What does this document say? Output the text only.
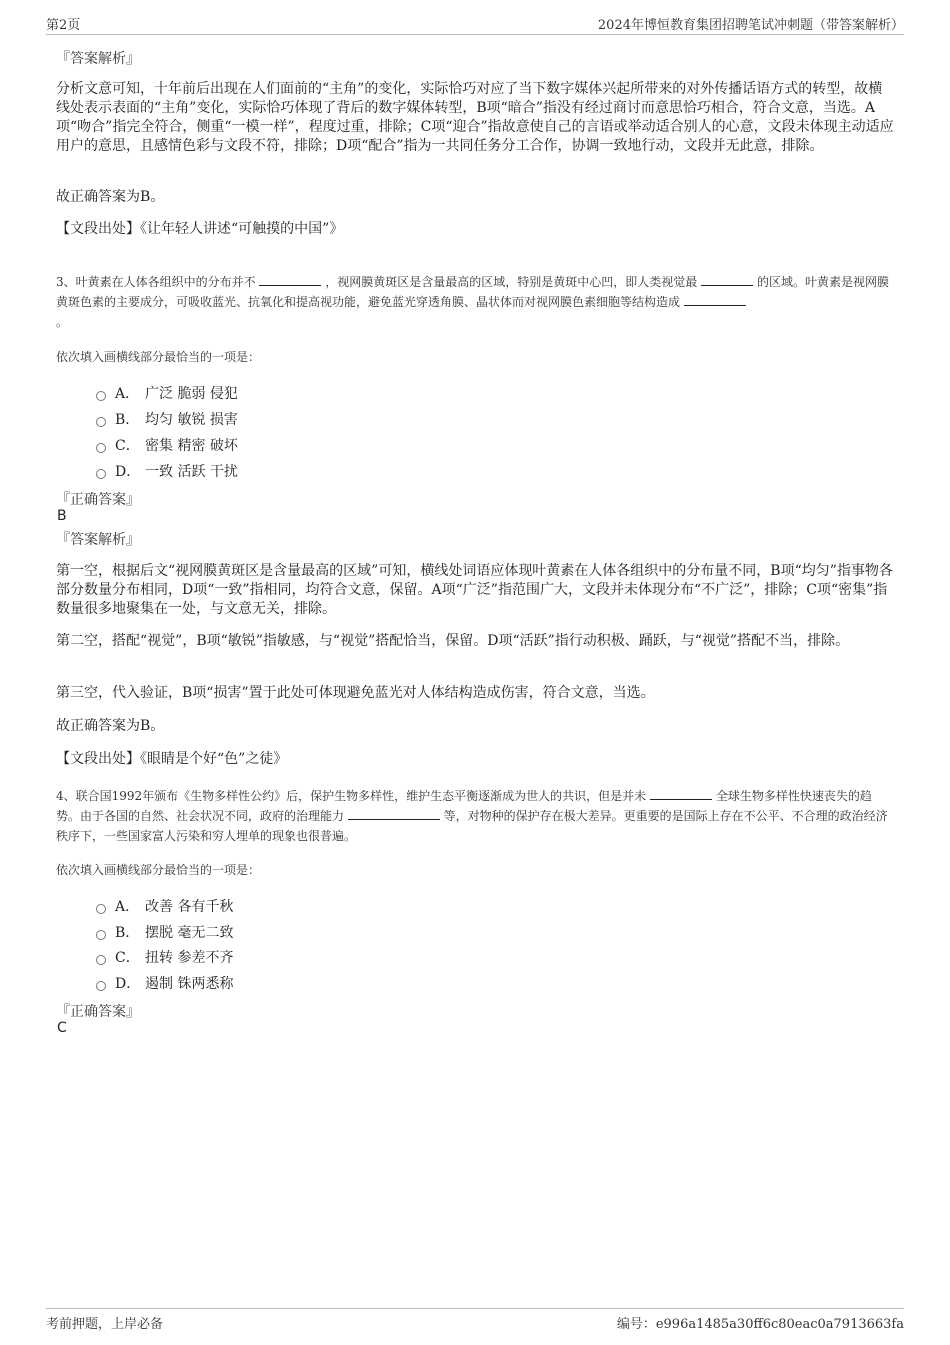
第2页	2024年博恒教育集团招聘笔试冲刺题（带答案解析）
『答案解析』

分析文意可知，十年前后出现在人们面前的“主角”的变化，实际恰巧对应了当下数字媒体兴起所带来的对外传播话语方式的转型，故横线处表示表面的“主角”变化，实际恰巧体现了背后的数字媒体转型，B项“暗合”指没有经过商讨而意思恰巧相合，符合文意，当选。A项“吻合”指完全符合，侧重“一模一样”，程度过重，排除；C项“迎合”指故意使自己的言语或举动适合别人的心意，文段未体现主动适应用户的意思，且感情色彩与文段不符，排除；D项“配合”指为一共同任务分工合作，协调一致地行动，文段并无此意，排除。

故正确答案为B。
【文段出处】《让年轻人讲述“可触摸的中国”》

3、叶黄素在人体各组织中的分布并不	，视网膜黄斑区是含量最高的区域，特别是黄斑中心凹，即人类视觉最	的区域。叶黄素是视网膜黄斑色素的主要成分，可吸收蓝光、抗氧化和提高视功能，避免蓝光穿透角膜、晶状体而对视网膜色素细胞等结构造成
。

依次填入画横线部分最恰当的一项是：
A． 广泛 脆弱 侵犯
B． 均匀 敏锐 损害
C． 密集 精密 破坏
D． 一致 活跃 干扰
『正确答案』
B
『答案解析』

第一空，根据后文“视网膜黄斑区是含量最高的区域”可知，横线处词语应体现叶黄素在人体各组织中的分布量不同，B项“均匀”指事物各部分数量分布相同，D项“一致”指相同，均符合文意，保留。A项“广泛”指范围广大，文段并未体现分布“不广泛”，排除；C项“密集”指数量很多地聚集在一处，与文意无关，排除。

第二空，搭配“视觉”，B项“敏锐”指敏感，与“视觉”搭配恰当，保留。D项“活跃”指行动积极、踊跃，与“视觉”搭配不当，排除。

第三空，代入验证，B项“损害”置于此处可体现避免蓝光对人体结构造成伤害，符合文意，当选。

故正确答案为B。
【文段出处】《眼睛是个好“色”之徒》

4、联合国1992年颁布《生物多样性公约》后，保护生物多样性，维护生态平衡逐渐成为世人的共识，但是并未	全球生物多样性快速丧失的趋势。由于各国的自然、社会状况不同，政府的治理能力	等，对物种的保护存在极大差异。更重要的是国际上存在不公平、不合理的政治经济秩序下，一些国家富人污染和穷人埋单的现象也很普遍。

依次填入画横线部分最恰当的一项是：
A． 改善 各有千秋
B． 摆脱 毫无二致
C． 扭转 参差不齐
D． 遏制 铢两悉称
『正确答案』
C
考前押题，上岸必备	编号：e996a1485a30ff6c80eac0a7913663fa
